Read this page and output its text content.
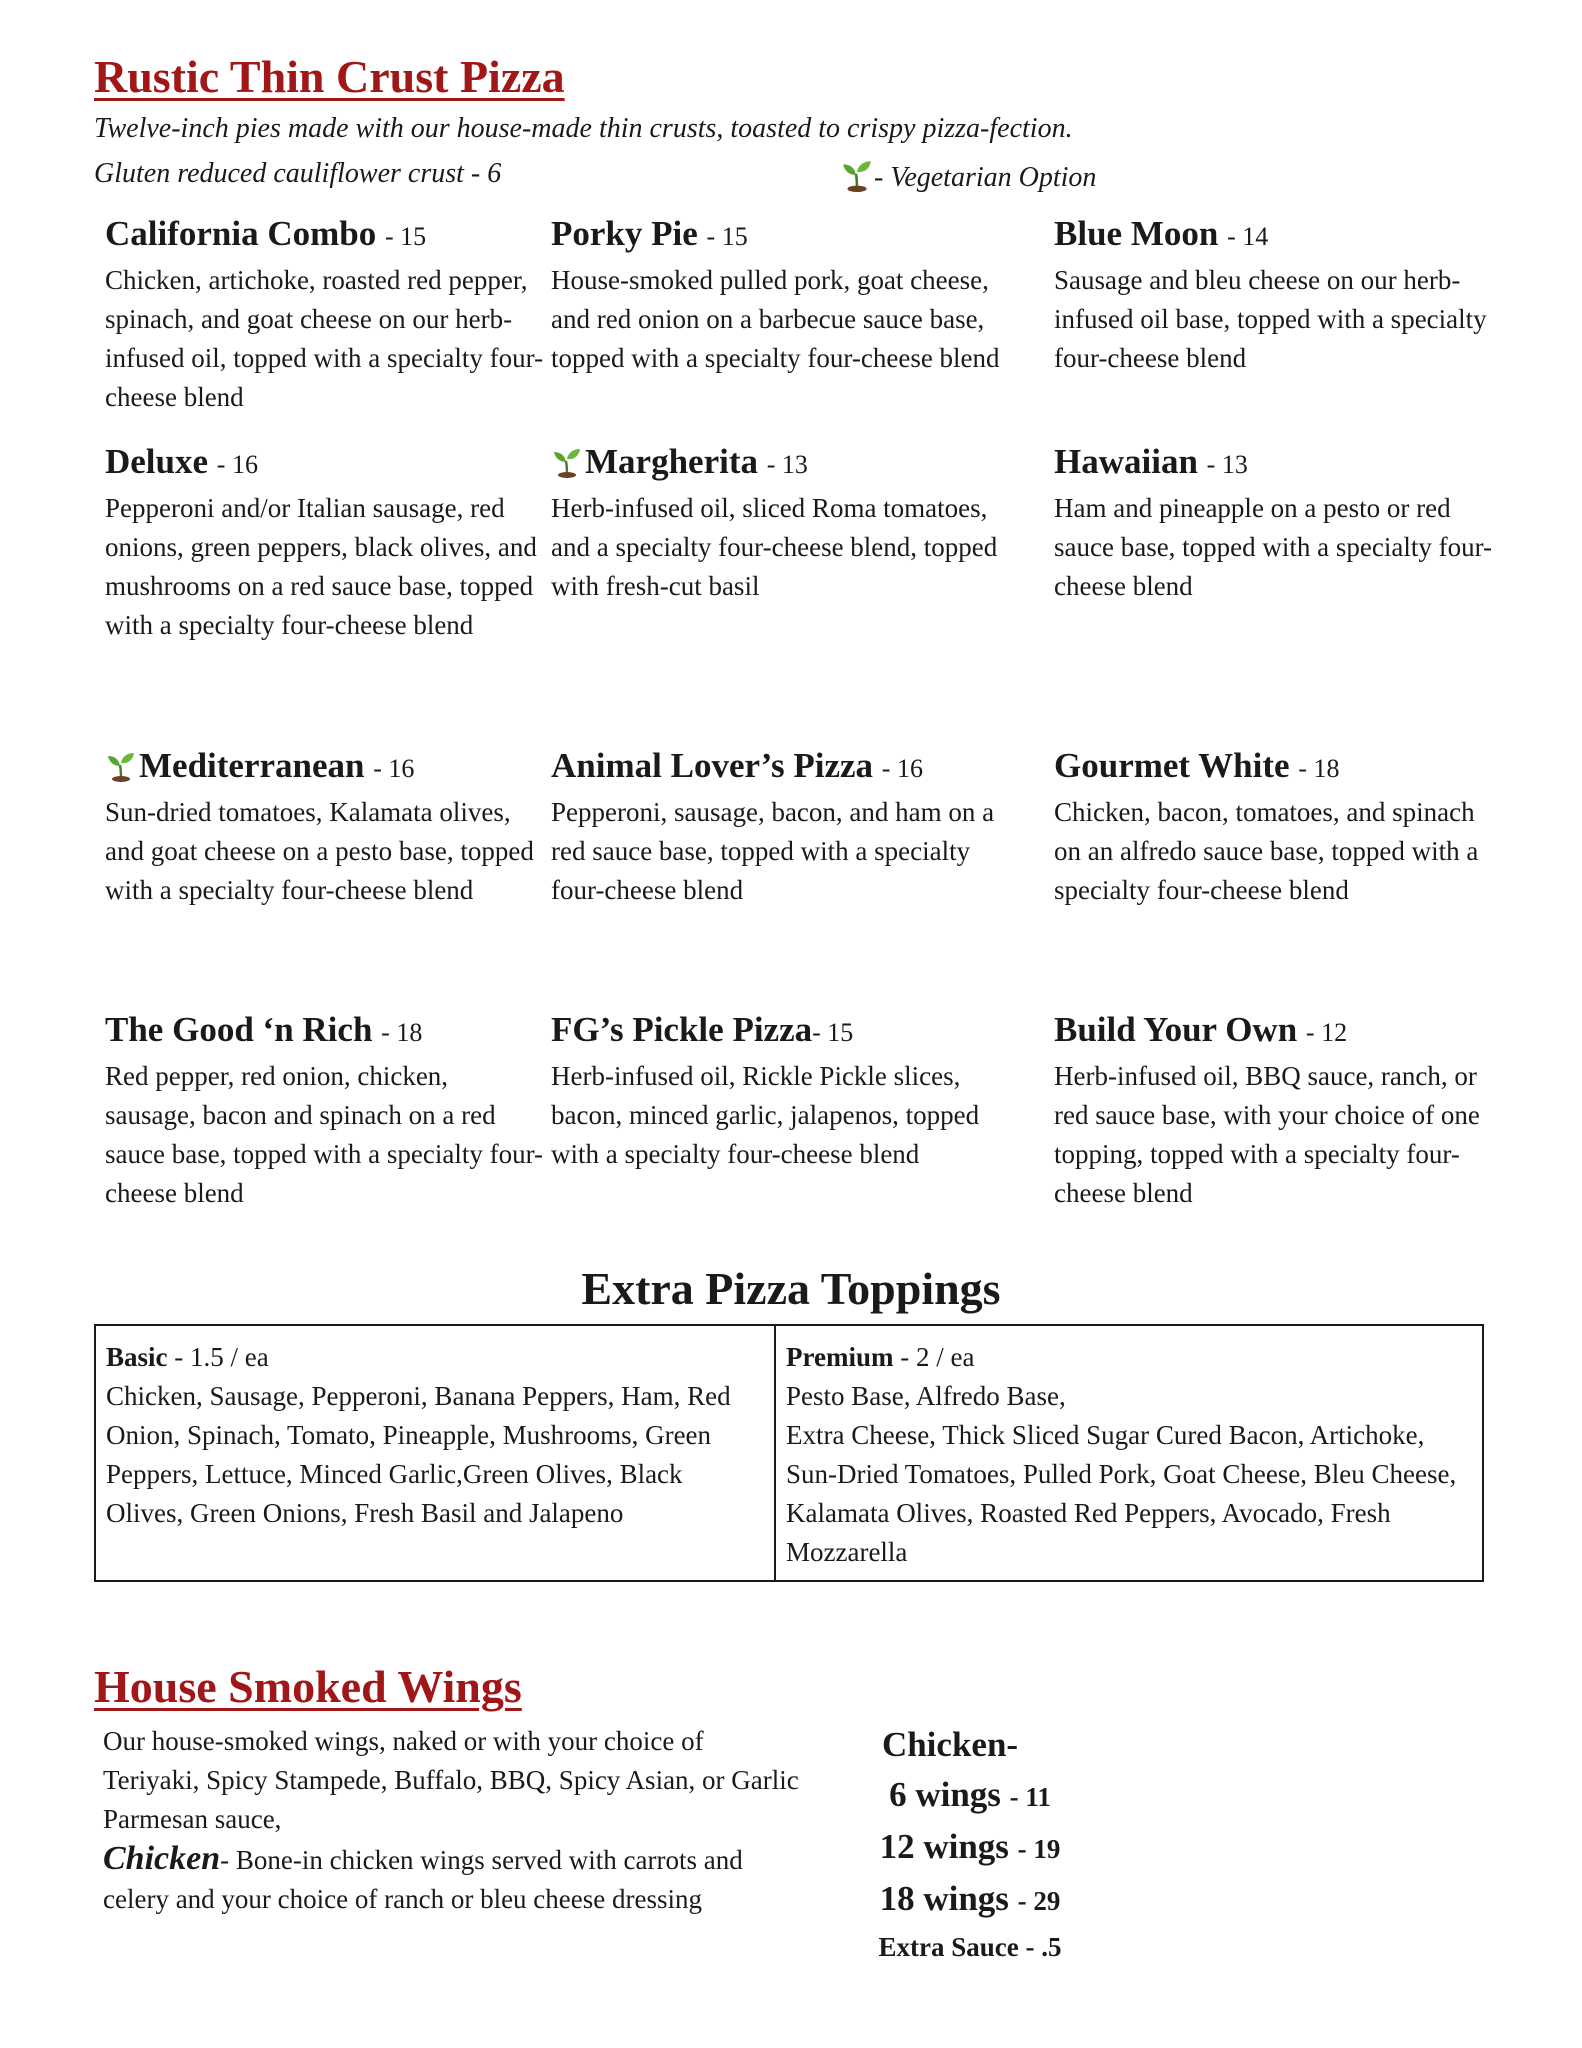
Rustic Thin Crust Pizza

Twelve-inch pies made with our house-made thin crusts, toasted to crispy pizza-fection.

Gluten reduced cauliflower crust - 6	- Vegetarian Option

California Combo - 15
Chicken, artichoke, roasted red pepper, spinach, and goat cheese on our herb-infused oil, topped with a specialty four-cheese blend
Porky Pie - 15
House-smoked pulled pork, goat cheese, and red onion on a barbecue sauce base, topped with a specialty four-cheese blend
Blue Moon - 14
Sausage and bleu cheese on our herb-infused oil base, topped with a specialty four-cheese blend
Deluxe - 16
Pepperoni and/or Italian sausage, red onions, green peppers, black olives, and mushrooms on a red sauce base, topped with a specialty four-cheese blend
Margherita - 13
Herb-infused oil, sliced Roma tomatoes, and a specialty four-cheese blend, topped with fresh-cut basil
Hawaiian - 13
Ham and pineapple on a pesto or red sauce base, topped with a specialty four-cheese blend
Mediterranean - 16
Sun-dried tomatoes, Kalamata olives, and goat cheese on a pesto base, topped with a specialty four-cheese blend
Animal Lover’s Pizza - 16
Pepperoni, sausage, bacon, and ham on a red sauce base, topped with a specialty four-cheese blend
Gourmet White - 18
Chicken, bacon, tomatoes, and spinach on an alfredo sauce base, topped with a specialty four-cheese blend
The Good ‘n Rich - 18
Red pepper, red onion, chicken, sausage, bacon and spinach on a red sauce base, topped with a specialty four-cheese blend
FG’s Pickle Pizza- 15
Herb-infused oil, Rickle Pickle slices, bacon, minced garlic, jalapenos, topped with a specialty four-cheese blend
Build Your Own - 12
Herb-infused oil, BBQ sauce, ranch, or red sauce base, with your choice of one topping, topped with a specialty four-cheese blend
Extra Pizza Toppings
Basic - 1.5 / ea
Chicken, Sausage, Pepperoni, Banana Peppers, Ham, Red Onion, Spinach, Tomato, Pineapple, Mushrooms, Green Peppers, Lettuce, Minced Garlic,Green Olives, Black Olives, Green Onions, Fresh Basil and Jalapeno
Premium - 2 / ea
Pesto Base, Alfredo Base,
Extra Cheese, Thick Sliced Sugar Cured Bacon, Artichoke, Sun-Dried Tomatoes, Pulled Pork, Goat Cheese, Bleu Cheese, Kalamata Olives, Roasted Red Peppers, Avocado, Fresh Mozzarella
House Smoked Wings
Our house-smoked wings, naked or with your choice of Teriyaki, Spicy Stampede, Buffalo, BBQ, Spicy Asian, or Garlic Parmesan sauce,
Chicken- Bone-in chicken wings served with carrots and celery and your choice of ranch or bleu cheese dressing
Chicken-
6 wings - 11
12 wings - 19
18 wings - 29
Extra Sauce - .5
